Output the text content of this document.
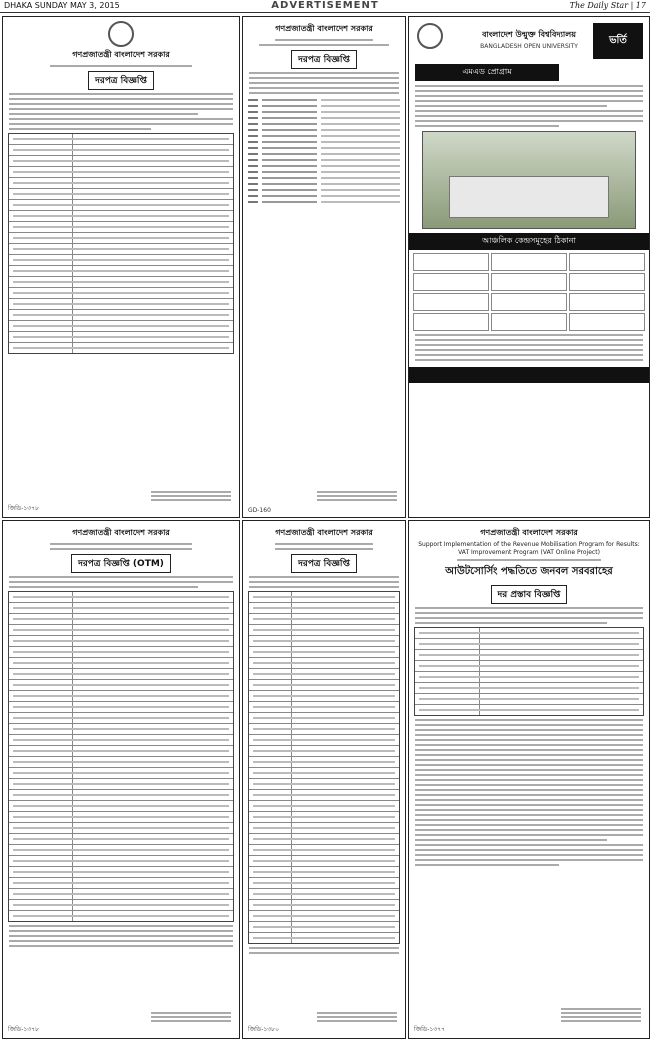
DHAKA SUNDAY MAY 3, 2015	ADVERTISEMENT	The Daily Star | 17
গণপ্রজাতন্ত্রী বাংলাদেশ সরকার
দরপত্র বিজ্ঞপ্তি
জিডি-১৩৭৮
গণপ্রজাতন্ত্রী বাংলাদেশ সরকার
দরপত্র বিজ্ঞপ্তি
GD-160
ভর্তি বিজ্ঞপ্তি
বাংলাদেশ উন্মুক্ত বিশ্ববিদ্যালয়
BANGLADESH OPEN UNIVERSITY
এমএড প্রোগ্রাম
আঞ্চলিক কেন্দ্রসমূহের ঠিকানা
গণপ্রজাতন্ত্রী বাংলাদেশ সরকার
দরপত্র বিজ্ঞপ্তি (OTM)
জিডি-১৩৭৮
গণপ্রজাতন্ত্রী বাংলাদেশ সরকার
দরপত্র বিজ্ঞপ্তি
জিডি-১৩৮০
গণপ্রজাতন্ত্রী বাংলাদেশ সরকার
Support Implementation of the Revenue Mobilisation Program for Results:
VAT Improvement Program (VAT Online Project)
আউটসোর্সিং পদ্ধতিতে জনবল সরবরাহের
দর প্রস্তাব বিজ্ঞপ্তি
জিডি-১৩৭৭
